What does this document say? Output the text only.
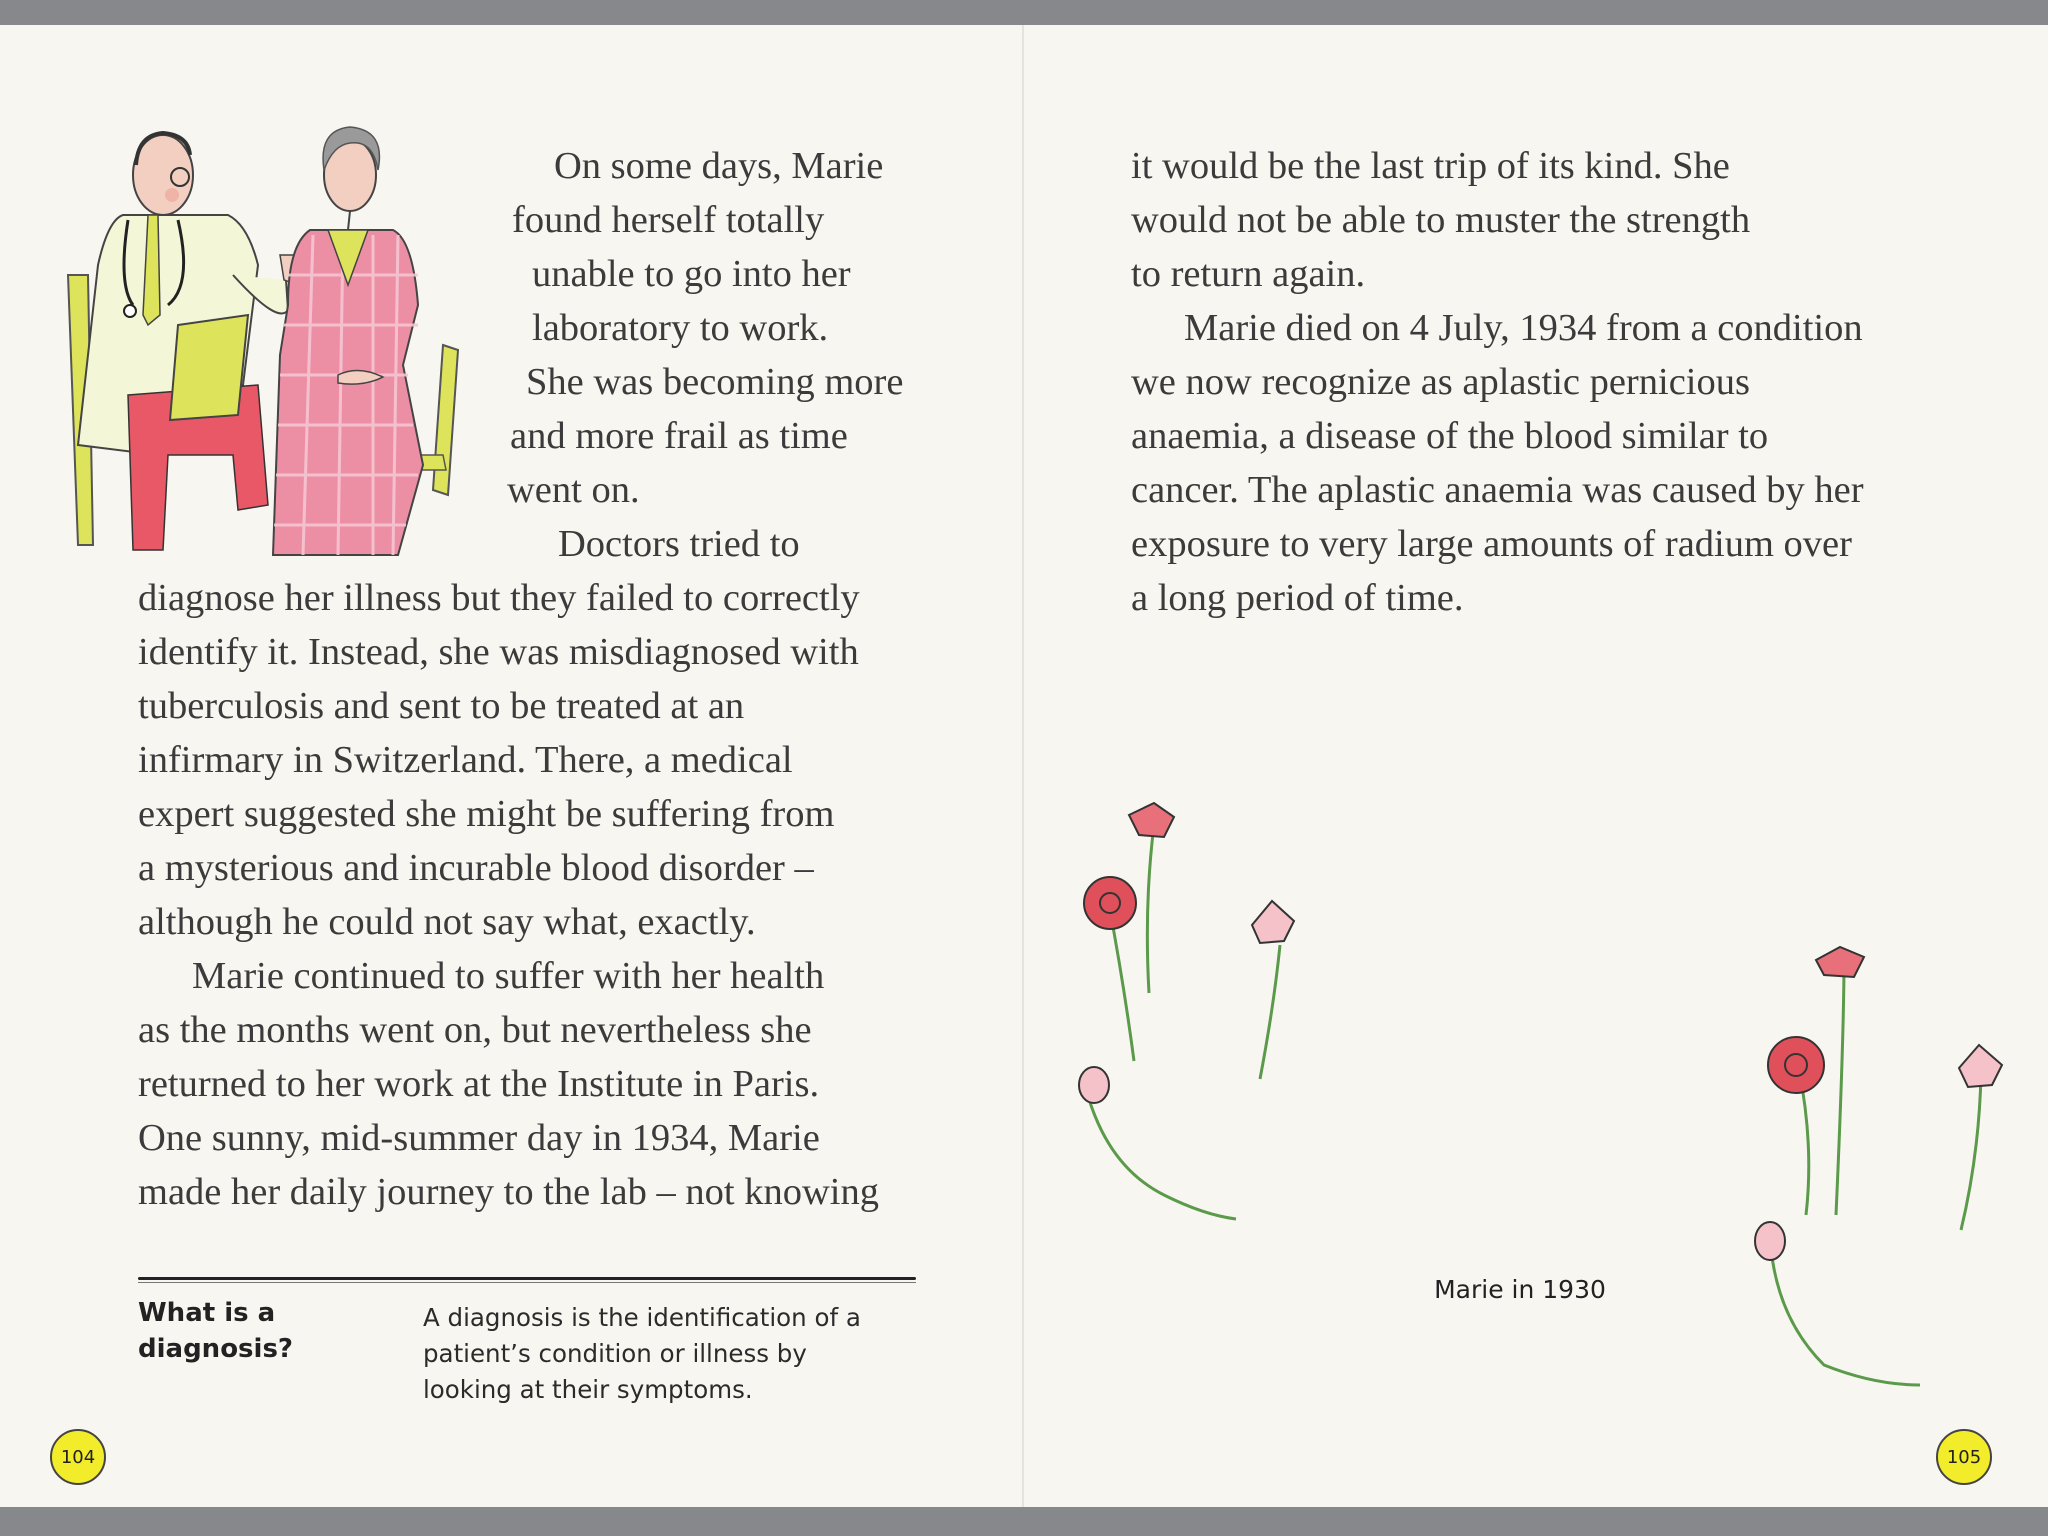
On some days, Marie
found herself totally
unable to go into her
laboratory to work.
She was becoming more
and more frail as time
went on.
Doctors tried to
diagnose her illness but they failed to correctly
identify it. Instead, she was misdiagnosed with
tuberculosis and sent to be treated at an
infirmary in Switzerland. There, a medical
expert suggested she might be suffering from
a mysterious and incurable blood disorder –
although he could not say what, exactly.
Marie continued to suffer with her health
as the months went on, but nevertheless she
returned to her work at the Institute in Paris.
One sunny, mid-summer day in 1934, Marie
made her daily journey to the lab – not knowing
What is a
diagnosis?
A diagnosis is the identification of a patient’s condition or illness by looking at their symptoms.
104
it would be the last trip of its kind. She
would not be able to muster the strength
to return again.
Marie died on 4 July, 1934 from a condition
we now recognize as aplastic pernicious
anaemia, a disease of the blood similar to
cancer. The aplastic anaemia was caused by her
exposure to very large amounts of radium over
a long period of time.
Marie in 1930
105
